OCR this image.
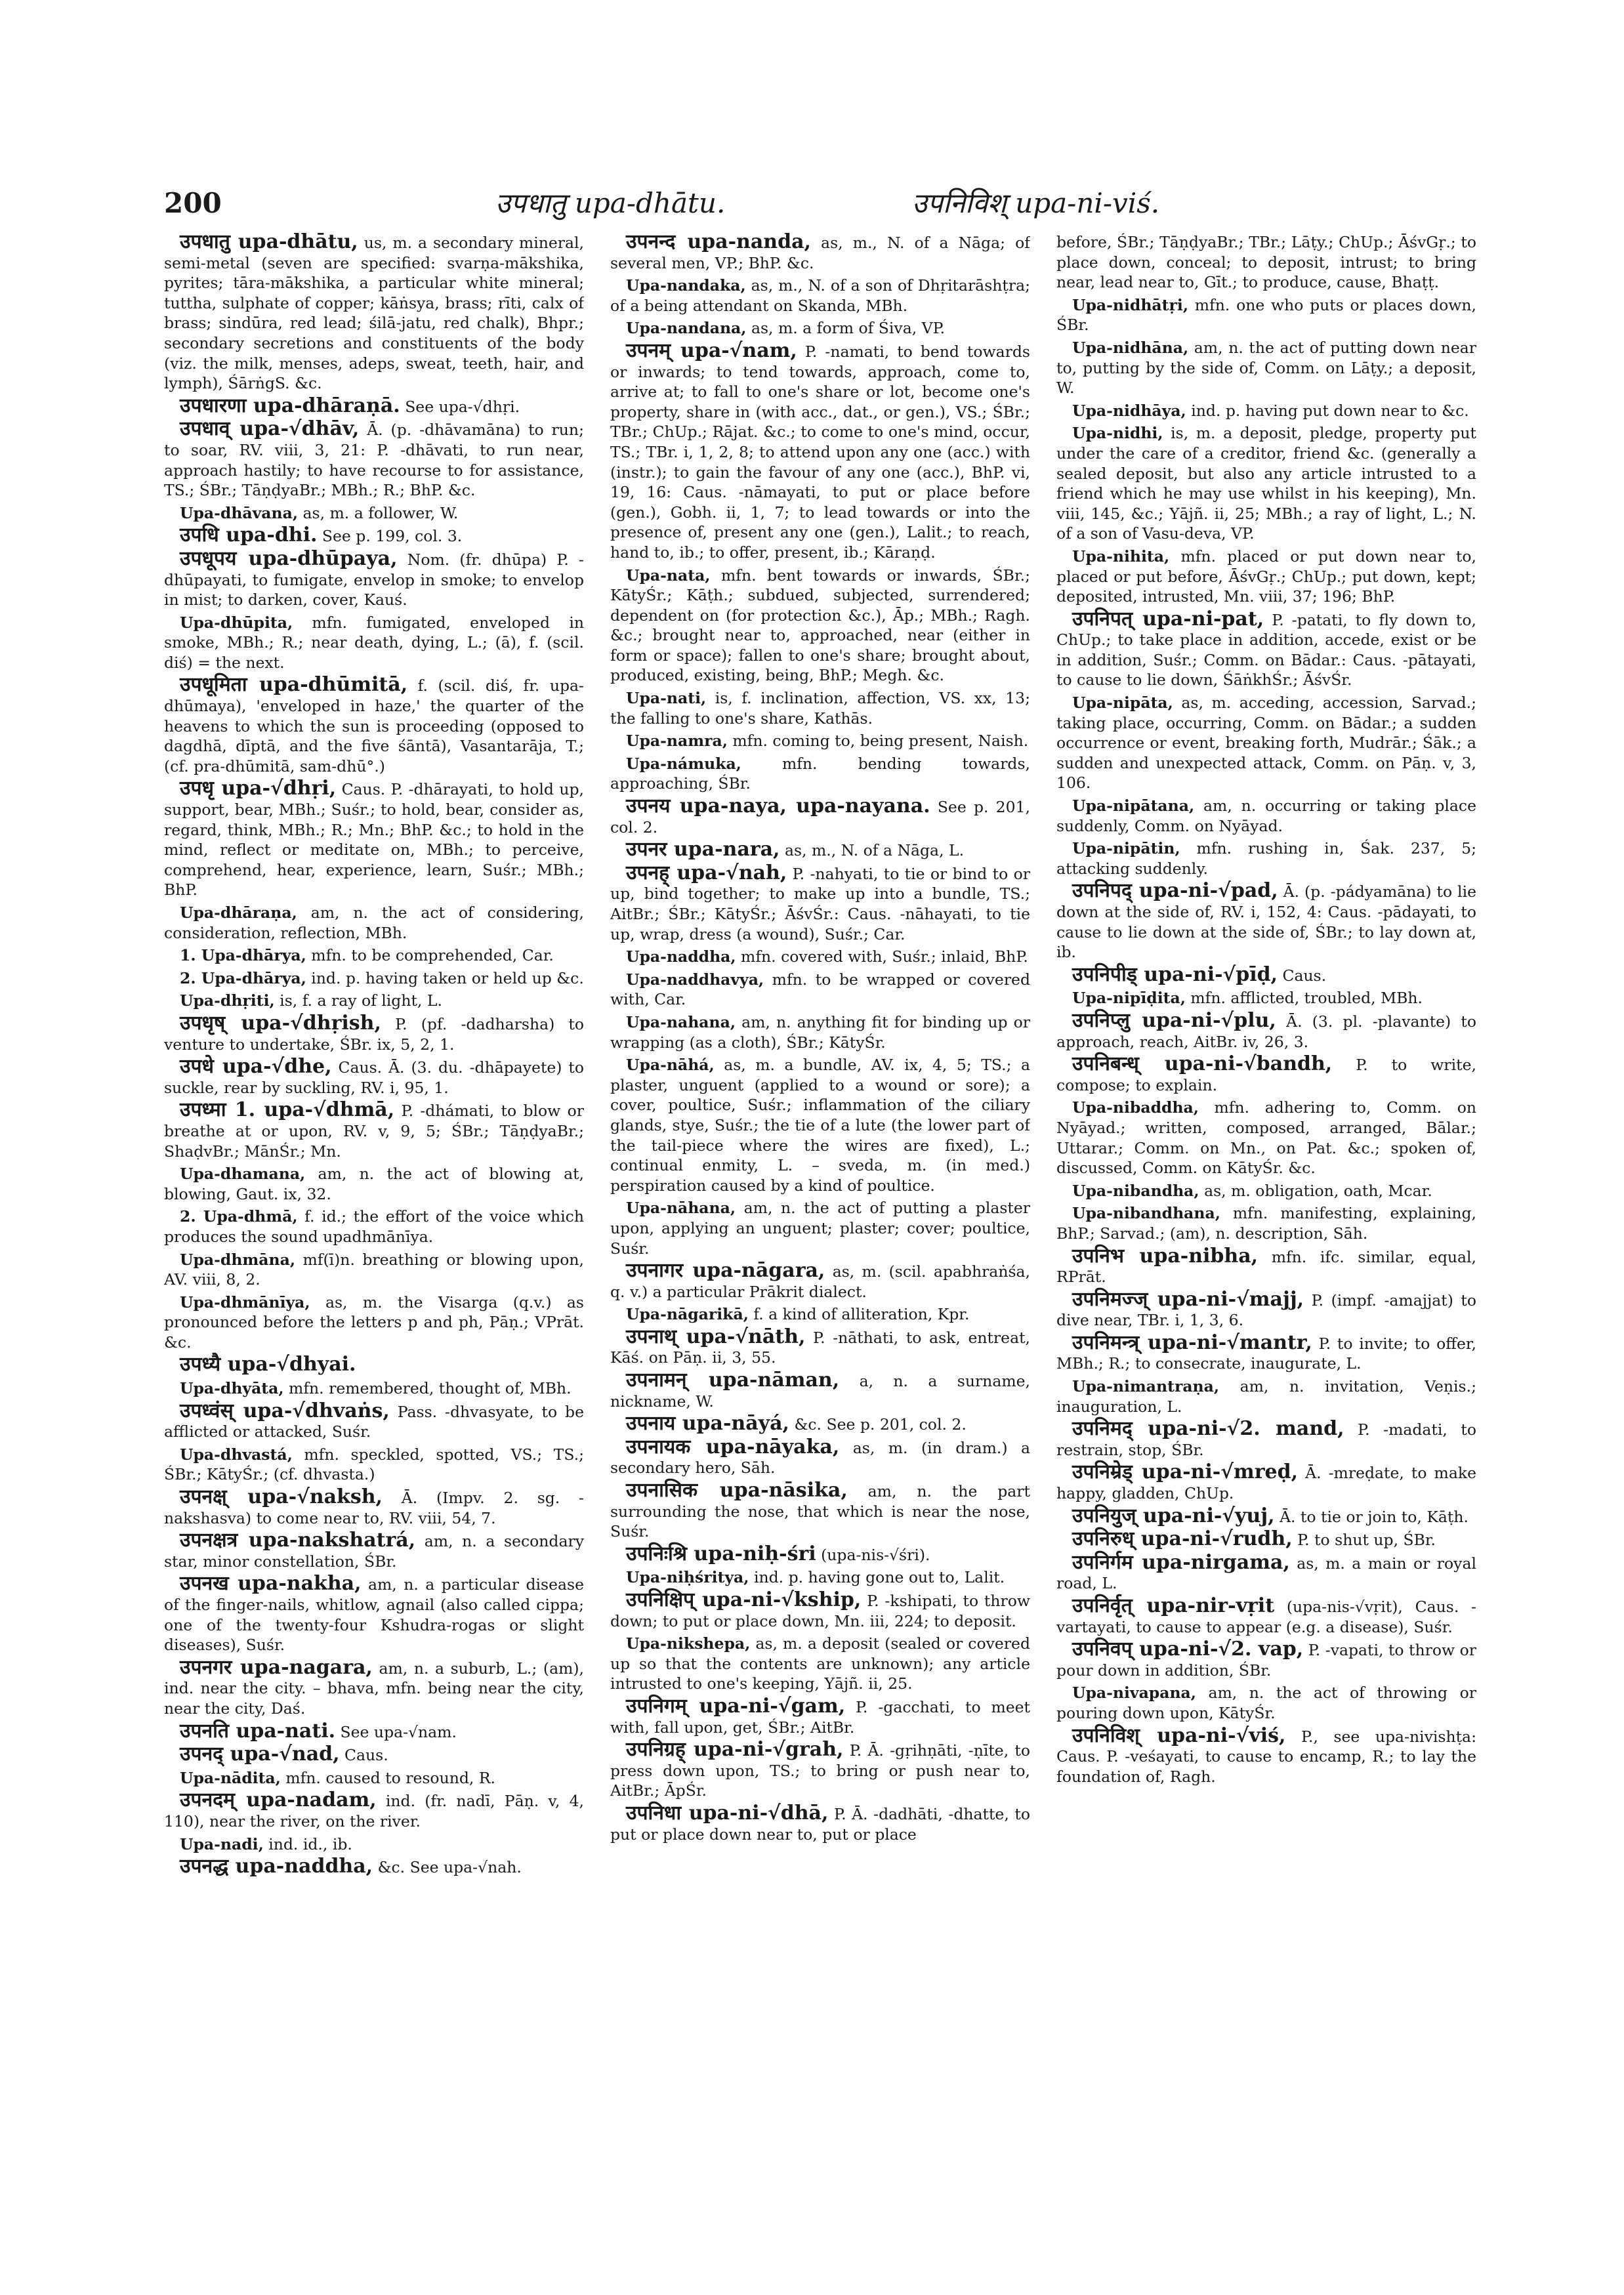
200	उपधातु upa-dhātu.	उपनिविश् upa-ni-viś.

उपधातु upa-dhātu, us, m. a secondary mineral, semi-metal (seven are specified: svarṇa-mākshika, pyrites; tāra-mākshika, a particular white mineral; tuttha, sulphate of copper; kāṅsya, brass; rīti, calx of brass; sindūra, red lead; śilā-jatu, red chalk), Bhpr.; secondary secretions and constituents of the body (viz. the milk, menses, adeps, sweat, teeth, hair, and lymph), ŚārṅgS. &c.

उपधारणा upa-dhāraṇā. See upa-√dhṛi.

उपधाव् upa-√dhāv, Ā. (p. -dhāvamāna) to run; to soar, RV. viii, 3, 21: P. -dhāvati, to run near, approach hastily; to have recourse to for assistance, TS.; ŚBr.; TāṇḍyaBr.; MBh.; R.; BhP. &c.

Upa-dhāvana, as, m. a follower, W.

उपधि upa-dhi. See p. 199, col. 3.

उपधूपय upa-dhūpaya, Nom. (fr. dhūpa) P. -dhūpayati, to fumigate, envelop in smoke; to envelop in mist; to darken, cover, Kauś.

Upa-dhūpita, mfn. fumigated, enveloped in smoke, MBh.; R.; near death, dying, L.; (ā), f. (scil. diś) = the next.

उपधूमिता upa-dhūmitā, f. (scil. diś, fr. upa-dhūmaya), 'enveloped in haze,' the quarter of the heavens to which the sun is proceeding (opposed to dagdhā, dīptā, and the five śāntā), Vasantarāja, T.; (cf. pra-dhūmitā, sam-dhū°.)

उपधृ upa-√dhṛi, Caus. P. -dhārayati, to hold up, support, bear, MBh.; Suśr.; to hold, bear, consider as, regard, think, MBh.; R.; Mn.; BhP. &c.; to hold in the mind, reflect or meditate on, MBh.; to perceive, comprehend, hear, experience, learn, Suśr.; MBh.; BhP.

Upa-dhāraṇa, am, n. the act of considering, consideration, reflection, MBh.

1. Upa-dhārya, mfn. to be comprehended, Car.

2. Upa-dhārya, ind. p. having taken or held up &c.

Upa-dhṛiti, is, f. a ray of light, L.

उपधृष् upa-√dhṛish, P. (pf. -dadharsha) to venture to undertake, ŚBr. ix, 5, 2, 1.

उपधे upa-√dhe, Caus. Ā. (3. du. -dhāpayete) to suckle, rear by suckling, RV. i, 95, 1.

उपध्मा 1. upa-√dhmā, P. -dhámati, to blow or breathe at or upon, RV. v, 9, 5; ŚBr.; TāṇḍyaBr.; ShaḍvBr.; MānŚr.; Mn.

Upa-dhamana, am, n. the act of blowing at, blowing, Gaut. ix, 32.

2. Upa-dhmā, f. id.; the effort of the voice which produces the sound upadhmānīya.

Upa-dhmāna, mf(ī)n. breathing or blowing upon, AV. viii, 8, 2.

Upa-dhmānīya, as, m. the Visarga (q.v.) as pronounced before the letters p and ph, Pāṇ.; VPrāt. &c.

उपध्यै upa-√dhyai.

Upa-dhyāta, mfn. remembered, thought of, MBh.

उपध्वंस् upa-√dhvaṅs, Pass. -dhvasyate, to be afflicted or attacked, Suśr.

Upa-dhvastá, mfn. speckled, spotted, VS.; TS.; ŚBr.; KātyŚr.; (cf. dhvasta.)

उपनक्ष् upa-√naksh, Ā. (Impv. 2. sg. -nakshasva) to come near to, RV. viii, 54, 7.

उपनक्षत्र upa-nakshatrá, am, n. a secondary star, minor constellation, ŚBr.

उपनख upa-nakha, am, n. a particular disease of the finger-nails, whitlow, agnail (also called cippa; one of the twenty-four Kshudra-rogas or slight diseases), Suśr.

उपनगर upa-nagara, am, n. a suburb, L.; (am), ind. near the city. – bhava, mfn. being near the city, near the city, Daś.

उपनति upa-nati. See upa-√nam.

उपनद् upa-√nad, Caus.

Upa-nādita, mfn. caused to resound, R.

उपनदम् upa-nadam, ind. (fr. nadī, Pāṇ. v, 4, 110), near the river, on the river.

Upa-nadi, ind. id., ib.

उपनद्ध upa-naddha, &c. See upa-√nah.

उपनन्द upa-nanda, as, m., N. of a Nāga; of several men, VP.; BhP. &c.

Upa-nandaka, as, m., N. of a son of Dhṛitarāshṭra; of a being attendant on Skanda, MBh.

Upa-nandana, as, m. a form of Śiva, VP.

उपनम् upa-√nam, P. -namati, to bend towards or inwards; to tend towards, approach, come to, arrive at; to fall to one's share or lot, become one's property, share in (with acc., dat., or gen.), VS.; ŚBr.; TBr.; ChUp.; Rājat. &c.; to come to one's mind, occur, TS.; TBr. i, 1, 2, 8; to attend upon any one (acc.) with (instr.); to gain the favour of any one (acc.), BhP. vi, 19, 16: Caus. -nāmayati, to put or place before (gen.), Gobh. ii, 1, 7; to lead towards or into the presence of, present any one (gen.), Lalit.; to reach, hand to, ib.; to offer, present, ib.; Kāraṇḍ.

Upa-nata, mfn. bent towards or inwards, ŚBr.; KātyŚr.; Kāṭh.; subdued, subjected, surrendered; dependent on (for protection &c.), Āp.; MBh.; Ragh. &c.; brought near to, approached, near (either in form or space); fallen to one's share; brought about, produced, existing, being, BhP.; Megh. &c.

Upa-nati, is, f. inclination, affection, VS. xx, 13; the falling to one's share, Kathās.

Upa-namra, mfn. coming to, being present, Naish.

Upa-námuka, mfn. bending towards, approaching, ŚBr.

उपनय upa-naya, upa-nayana. See p. 201, col. 2.

उपनर upa-nara, as, m., N. of a Nāga, L.

उपनह् upa-√nah, P. -nahyati, to tie or bind to or up, bind together; to make up into a bundle, TS.; AitBr.; ŚBr.; KātyŚr.; ĀśvŚr.: Caus. -nāhayati, to tie up, wrap, dress (a wound), Suśr.; Car.

Upa-naddha, mfn. covered with, Suśr.; inlaid, BhP.

Upa-naddhavya, mfn. to be wrapped or covered with, Car.

Upa-nahana, am, n. anything fit for binding up or wrapping (as a cloth), ŚBr.; KātyŚr.

Upa-nāhá, as, m. a bundle, AV. ix, 4, 5; TS.; a plaster, unguent (applied to a wound or sore); a cover, poultice, Suśr.; inflammation of the ciliary glands, stye, Suśr.; the tie of a lute (the lower part of the tail-piece where the wires are fixed), L.; continual enmity, L. – sveda, m. (in med.) perspiration caused by a kind of poultice.

Upa-nāhana, am, n. the act of putting a plaster upon, applying an unguent; plaster; cover; poultice, Suśr.

उपनागर upa-nāgara, as, m. (scil. apabhraṅśa, q. v.) a particular Prākrit dialect.

Upa-nāgarikā, f. a kind of alliteration, Kpr.

उपनाथ् upa-√nāth, P. -nāthati, to ask, entreat, Kāś. on Pāṇ. ii, 3, 55.

उपनामन् upa-nāman, a, n. a surname, nickname, W.

उपनाय upa-nāyá, &c. See p. 201, col. 2.

उपनायक upa-nāyaka, as, m. (in dram.) a secondary hero, Sāh.

उपनासिक upa-nāsika, am, n. the part surrounding the nose, that which is near the nose, Suśr.

उपनिःश्रि upa-niḥ-śri (upa-nis-√śri).

Upa-niḥśritya, ind. p. having gone out to, Lalit.

उपनिक्षिप् upa-ni-√kship, P. -kshipati, to throw down; to put or place down, Mn. iii, 224; to deposit.

Upa-nikshepa, as, m. a deposit (sealed or covered up so that the contents are unknown); any article intrusted to one's keeping, Yājñ. ii, 25.

उपनिगम् upa-ni-√gam, P. -gacchati, to meet with, fall upon, get, ŚBr.; AitBr.

उपनिग्रह् upa-ni-√grah, P. Ā. -gṛihṇāti, -ṇīte, to press down upon, TS.; to bring or push near to, AitBr.; ĀpŚr.

उपनिधा upa-ni-√dhā, P. Ā. -dadhāti, -dhatte, to put or place down near to, put or place

before, ŚBr.; TāṇḍyaBr.; TBr.; Lāṭy.; ChUp.; ĀśvGṛ.; to place down, conceal; to deposit, intrust; to bring near, lead near to, Gīt.; to produce, cause, Bhaṭṭ.

Upa-nidhātṛi, mfn. one who puts or places down, ŚBr.

Upa-nidhāna, am, n. the act of putting down near to, putting by the side of, Comm. on Lāṭy.; a deposit, W.

Upa-nidhāya, ind. p. having put down near to &c.

Upa-nidhi, is, m. a deposit, pledge, property put under the care of a creditor, friend &c. (generally a sealed deposit, but also any article intrusted to a friend which he may use whilst in his keeping), Mn. viii, 145, &c.; Yājñ. ii, 25; MBh.; a ray of light, L.; N. of a son of Vasu-deva, VP.

Upa-nihita, mfn. placed or put down near to, placed or put before, ĀśvGṛ.; ChUp.; put down, kept; deposited, intrusted, Mn. viii, 37; 196; BhP.

उपनिपत् upa-ni-pat, P. -patati, to fly down to, ChUp.; to take place in addition, accede, exist or be in addition, Suśr.; Comm. on Bādar.: Caus. -pātayati, to cause to lie down, ŚāṅkhŚr.; ĀśvŚr.

Upa-nipāta, as, m. acceding, accession, Sarvad.; taking place, occurring, Comm. on Bādar.; a sudden occurrence or event, breaking forth, Mudrār.; Śāk.; a sudden and unexpected attack, Comm. on Pāṇ. v, 3, 106.

Upa-nipātana, am, n. occurring or taking place suddenly, Comm. on Nyāyad.

Upa-nipātin, mfn. rushing in, Śak. 237, 5; attacking suddenly.

उपनिपद् upa-ni-√pad, Ā. (p. -pádyamāna) to lie down at the side of, RV. i, 152, 4: Caus. -pādayati, to cause to lie down at the side of, ŚBr.; to lay down at, ib.

उपनिपीड् upa-ni-√pīḍ, Caus.

Upa-nipīḍita, mfn. afflicted, troubled, MBh.

उपनिप्लु upa-ni-√plu, Ā. (3. pl. -plavante) to approach, reach, AitBr. iv, 26, 3.

उपनिबन्ध् upa-ni-√bandh, P. to write, compose; to explain.

Upa-nibaddha, mfn. adhering to, Comm. on Nyāyad.; written, composed, arranged, Bālar.; Uttarar.; Comm. on Mn., on Pat. &c.; spoken of, discussed, Comm. on KātyŚr. &c.

Upa-nibandha, as, m. obligation, oath, Mcar.

Upa-nibandhana, mfn. manifesting, explaining, BhP.; Sarvad.; (am), n. description, Sāh.

उपनिभ upa-nibha, mfn. ifc. similar, equal, RPrāt.

उपनिमज्ज् upa-ni-√majj, P. (impf. -amajjat) to dive near, TBr. i, 1, 3, 6.

उपनिमन्त्र् upa-ni-√mantr, P. to invite; to offer, MBh.; R.; to consecrate, inaugurate, L.

Upa-nimantraṇa, am, n. invitation, Veṇis.; inauguration, L.

उपनिमद् upa-ni-√2. mand, P. -madati, to restrain, stop, ŚBr.

उपनिम्रेड् upa-ni-√mreḍ, Ā. -mreḍate, to make happy, gladden, ChUp.

उपनियुज् upa-ni-√yuj, Ā. to tie or join to, Kāṭh.

उपनिरुध् upa-ni-√rudh, P. to shut up, ŚBr.

उपनिर्गम upa-nirgama, as, m. a main or royal road, L.

उपनिर्वृत् upa-nir-vṛit (upa-nis-√vṛit), Caus. -vartayati, to cause to appear (e.g. a disease), Suśr.

उपनिवप् upa-ni-√2. vap, P. -vapati, to throw or pour down in addition, ŚBr.

Upa-nivapana, am, n. the act of throwing or pouring down upon, KātyŚr.

उपनिविश् upa-ni-√viś, P., see upa-nivishṭa: Caus. P. -veśayati, to cause to encamp, R.; to lay the foundation of, Ragh.
